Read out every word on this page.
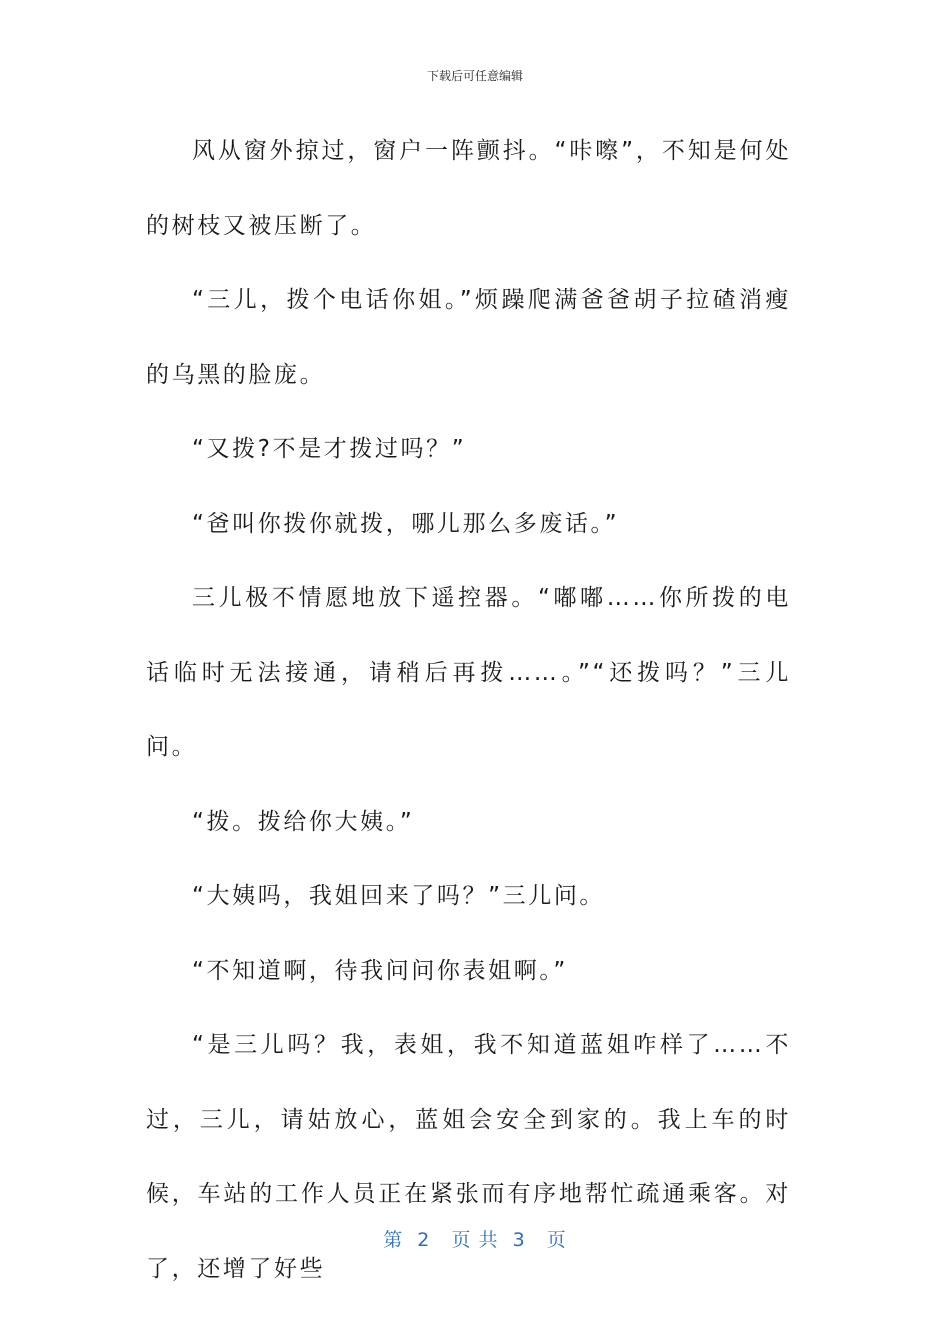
下载后可任意编辑

风从窗外掠过，窗户一阵颤抖。“咔嚓”，不知是何处的树枝又被压断了。

“三儿，拨个电话你姐。”烦躁爬满爸爸胡子拉碴消瘦的乌黑的脸庞。

“又拨?不是才拨过吗？”

“爸叫你拨你就拨，哪儿那么多废话。”

三儿极不情愿地放下遥控器。“嘟嘟……你所拨的电话临时无法接通，请稍后再拨……。”“还拨吗？”三儿问。

“拨。拨给你大姨。”

“大姨吗，我姐回来了吗？”三儿问。

“不知道啊，待我问问你表姐啊。”

“是三儿吗？我，表姐，我不知道蓝姐咋样了……不过，三儿，请姑放心，蓝姐会安全到家的。我上车的时候，车站的工作人员正在紧张而有序地帮忙疏通乘客。对了，还增了好些

第  2   页 共  3   页
